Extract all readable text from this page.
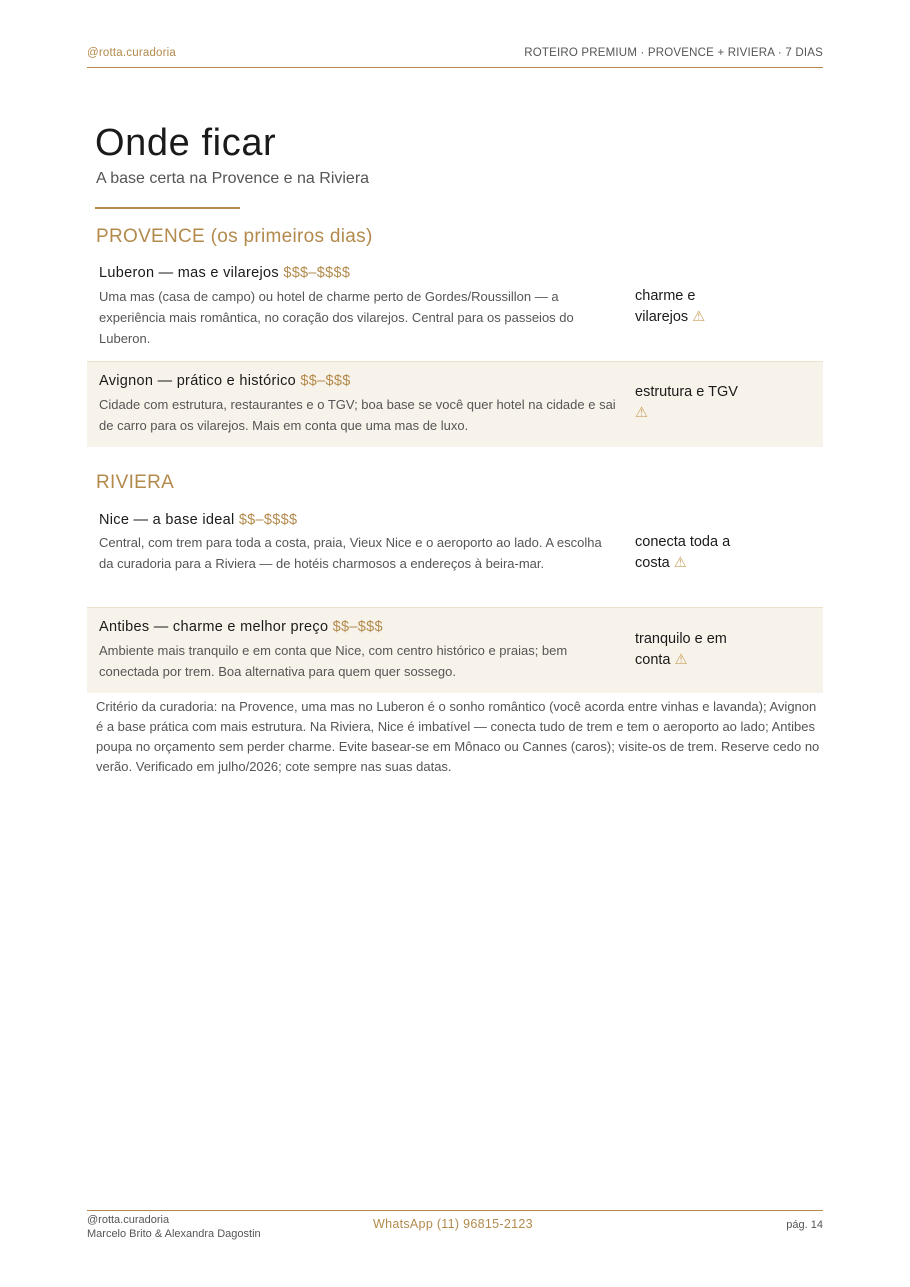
@rotta.curadoria	ROTEIRO PREMIUM · PROVENCE + RIVIERA · 7 DIAS
Onde ficar
A base certa na Provence e na Riviera
PROVENCE (os primeiros dias)
Luberon — mas e vilarejos $$$–$$$$
Uma mas (casa de campo) ou hotel de charme perto de Gordes/Roussillon — a experiência mais romântica, no coração dos vilarejos. Central para os passeios do Luberon.
charme e vilarejos ⚠
Avignon — prático e histórico $$–$$$
Cidade com estrutura, restaurantes e o TGV; boa base se você quer hotel na cidade e sai de carro para os vilarejos. Mais em conta que uma mas de luxo.
estrutura e TGV ⚠
RIVIERA
Nice — a base ideal $$–$$$$
Central, com trem para toda a costa, praia, Vieux Nice e o aeroporto ao lado. A escolha da curadoria para a Riviera — de hotéis charmosos a endereços à beira-mar.
conecta toda a costa ⚠
Antibes — charme e melhor preço $$–$$$
Ambiente mais tranquilo e em conta que Nice, com centro histórico e praias; bem conectada por trem. Boa alternativa para quem quer sossego.
tranquilo e em conta ⚠

Critério da curadoria: na Provence, uma mas no Luberon é o sonho romântico (você acorda entre vinhas e lavanda); Avignon é a base prática com mais estrutura. Na Riviera, Nice é imbatível — conecta tudo de trem e tem o aeroporto ao lado; Antibes poupa no orçamento sem perder charme. Evite basear-se em Mônaco ou Cannes (caros); visite-os de trem. Reserve cedo no verão. Verificado em julho/2026; cote sempre nas suas datas.

@rotta.curadoria
Marcelo Brito & Alexandra Dagostin
WhatsApp (11) 96815-2123	pág. 14
